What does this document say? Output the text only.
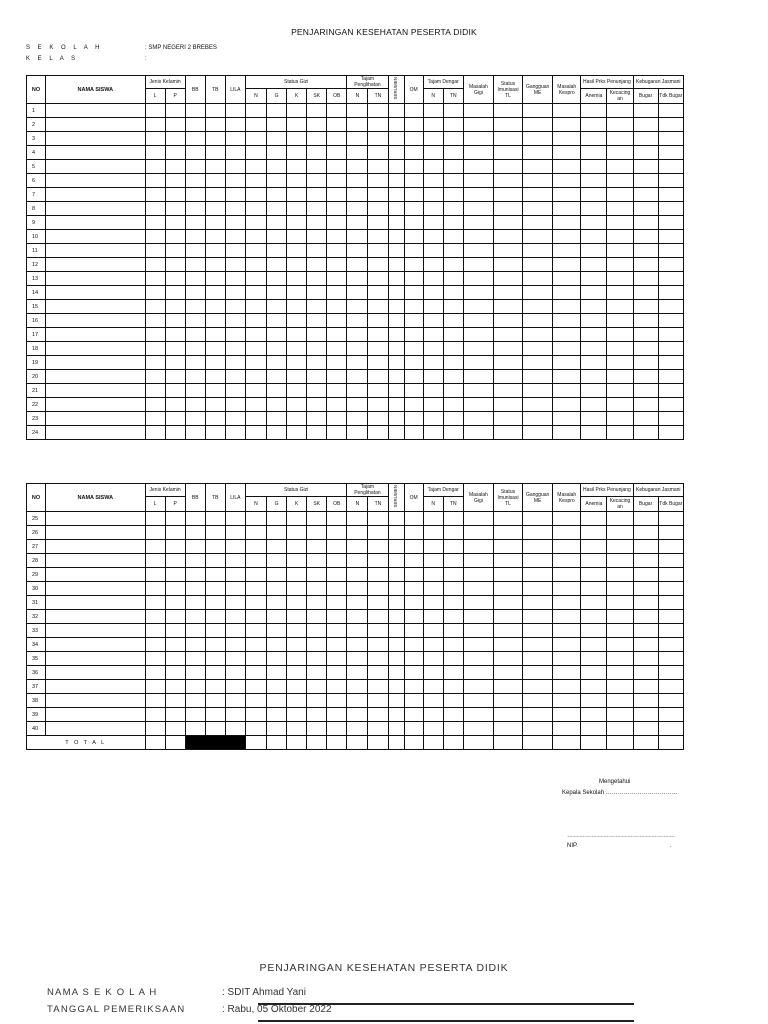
PENJARINGAN KESEHATAN PESERTA DIDIK
S E K O L A H	: SMP NEGERI 2 BREBES
K E L A S	:
NO	NAMA SISWA	Jenis Kelamin		BB	TB	LILA	Status Gizi					Tajam Penglihatan		SERUMEN	OM	Tajam Dengar		Masalah Gigi	Status Imunisasi TL	Gangguan ME	Masalah Kespro	Hasil Prks Penunjang		Kebugaran Jasmani	
		L	P				N	G	K	SK	OB	N	TN			N	TN					Anemia	Kecacing an	Bugar	Tdk Bugar
1																									
2																									
3																									
4																									
5																									
6																									
7																									
8																									
9																									
10																									
11																									
12																									
13																									
14																									
15																									
16																									
17																									
18																									
19																									
20																									
21																									
22																									
23																									
24																									
NO	NAMA SISWA	Jenis Kelamin		BB	TB	LILA	Status Gizi					Tajam Penglihatan		SERUMEN	OM	Tajam Dengar		Masalah Gigi	Status Imunisasi TL	Gangguan ME	Masalah Kespro	Hasil Prks Penunjang		Kebugaran Jasmani	
		L	P				N	G	K	SK	OB	N	TN			N	TN					Anemia	Kecacing an	Bugar	Tdk Bugar
25																									
26																									
27																									
28																									
29																									
30																									
31																									
32																									
33																									
34																									
35																									
36																									
37																									
38																									
39																									
40																									
T O T A L																									
Mengetahui
Kepala Sekolah ………………………………
………………………………………………
NIP.	.
PENJARINGAN KESEHATAN PESERTA DIDIK
NAMA S E K O L A H	: SDIT Ahmad Yani
TANGGAL PEMERIKSAAN	: Rabu, 05 Oktober 2022
